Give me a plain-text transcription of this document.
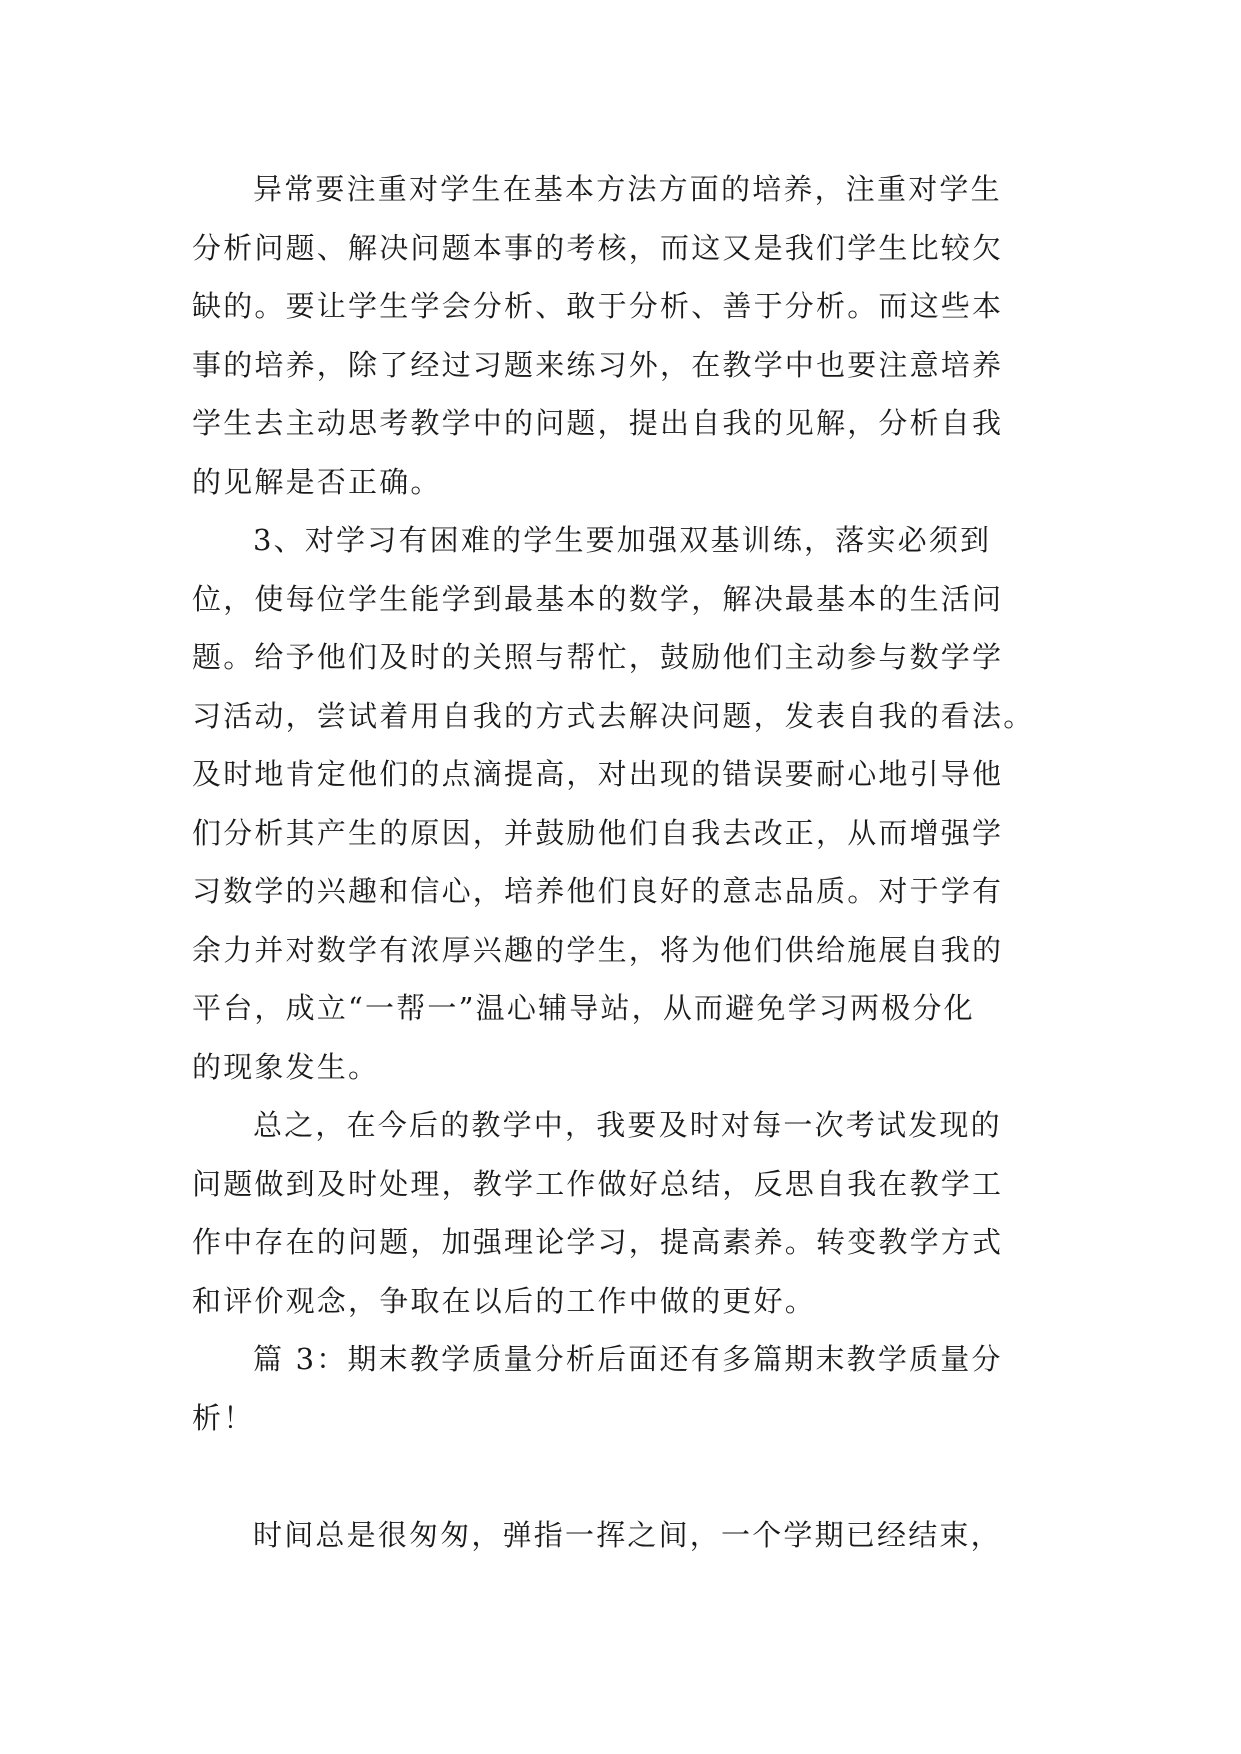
异常要注重对学生在基本方法方面的培养，注重对学生
分析问题、解决问题本事的考核，而这又是我们学生比较欠
缺的。要让学生学会分析、敢于分析、善于分析。而这些本
事的培养，除了经过习题来练习外，在教学中也要注意培养
学生去主动思考教学中的问题，提出自我的见解，分析自我
的见解是否正确。
3、对学习有困难的学生要加强双基训练，落实必须到
位，使每位学生能学到最基本的数学，解决最基本的生活问
题。给予他们及时的关照与帮忙，鼓励他们主动参与数学学
习活动，尝试着用自我的方式去解决问题，发表自我的看法。
及时地肯定他们的点滴提高，对出现的错误要耐心地引导他
们分析其产生的原因，并鼓励他们自我去改正，从而增强学
习数学的兴趣和信心，培养他们良好的意志品质。对于学有
余力并对数学有浓厚兴趣的学生，将为他们供给施展自我的
平台，成立“一帮一”温心辅导站，从而避免学习两极分化
的现象发生。
总之，在今后的教学中，我要及时对每一次考试发现的
问题做到及时处理，教学工作做好总结，反思自我在教学工
作中存在的问题，加强理论学习，提高素养。转变教学方式
和评价观念，争取在以后的工作中做的更好。
篇 3：期末教学质量分析后面还有多篇期末教学质量分
析！
时间总是很匆匆，弹指一挥之间，一个学期已经结束，
